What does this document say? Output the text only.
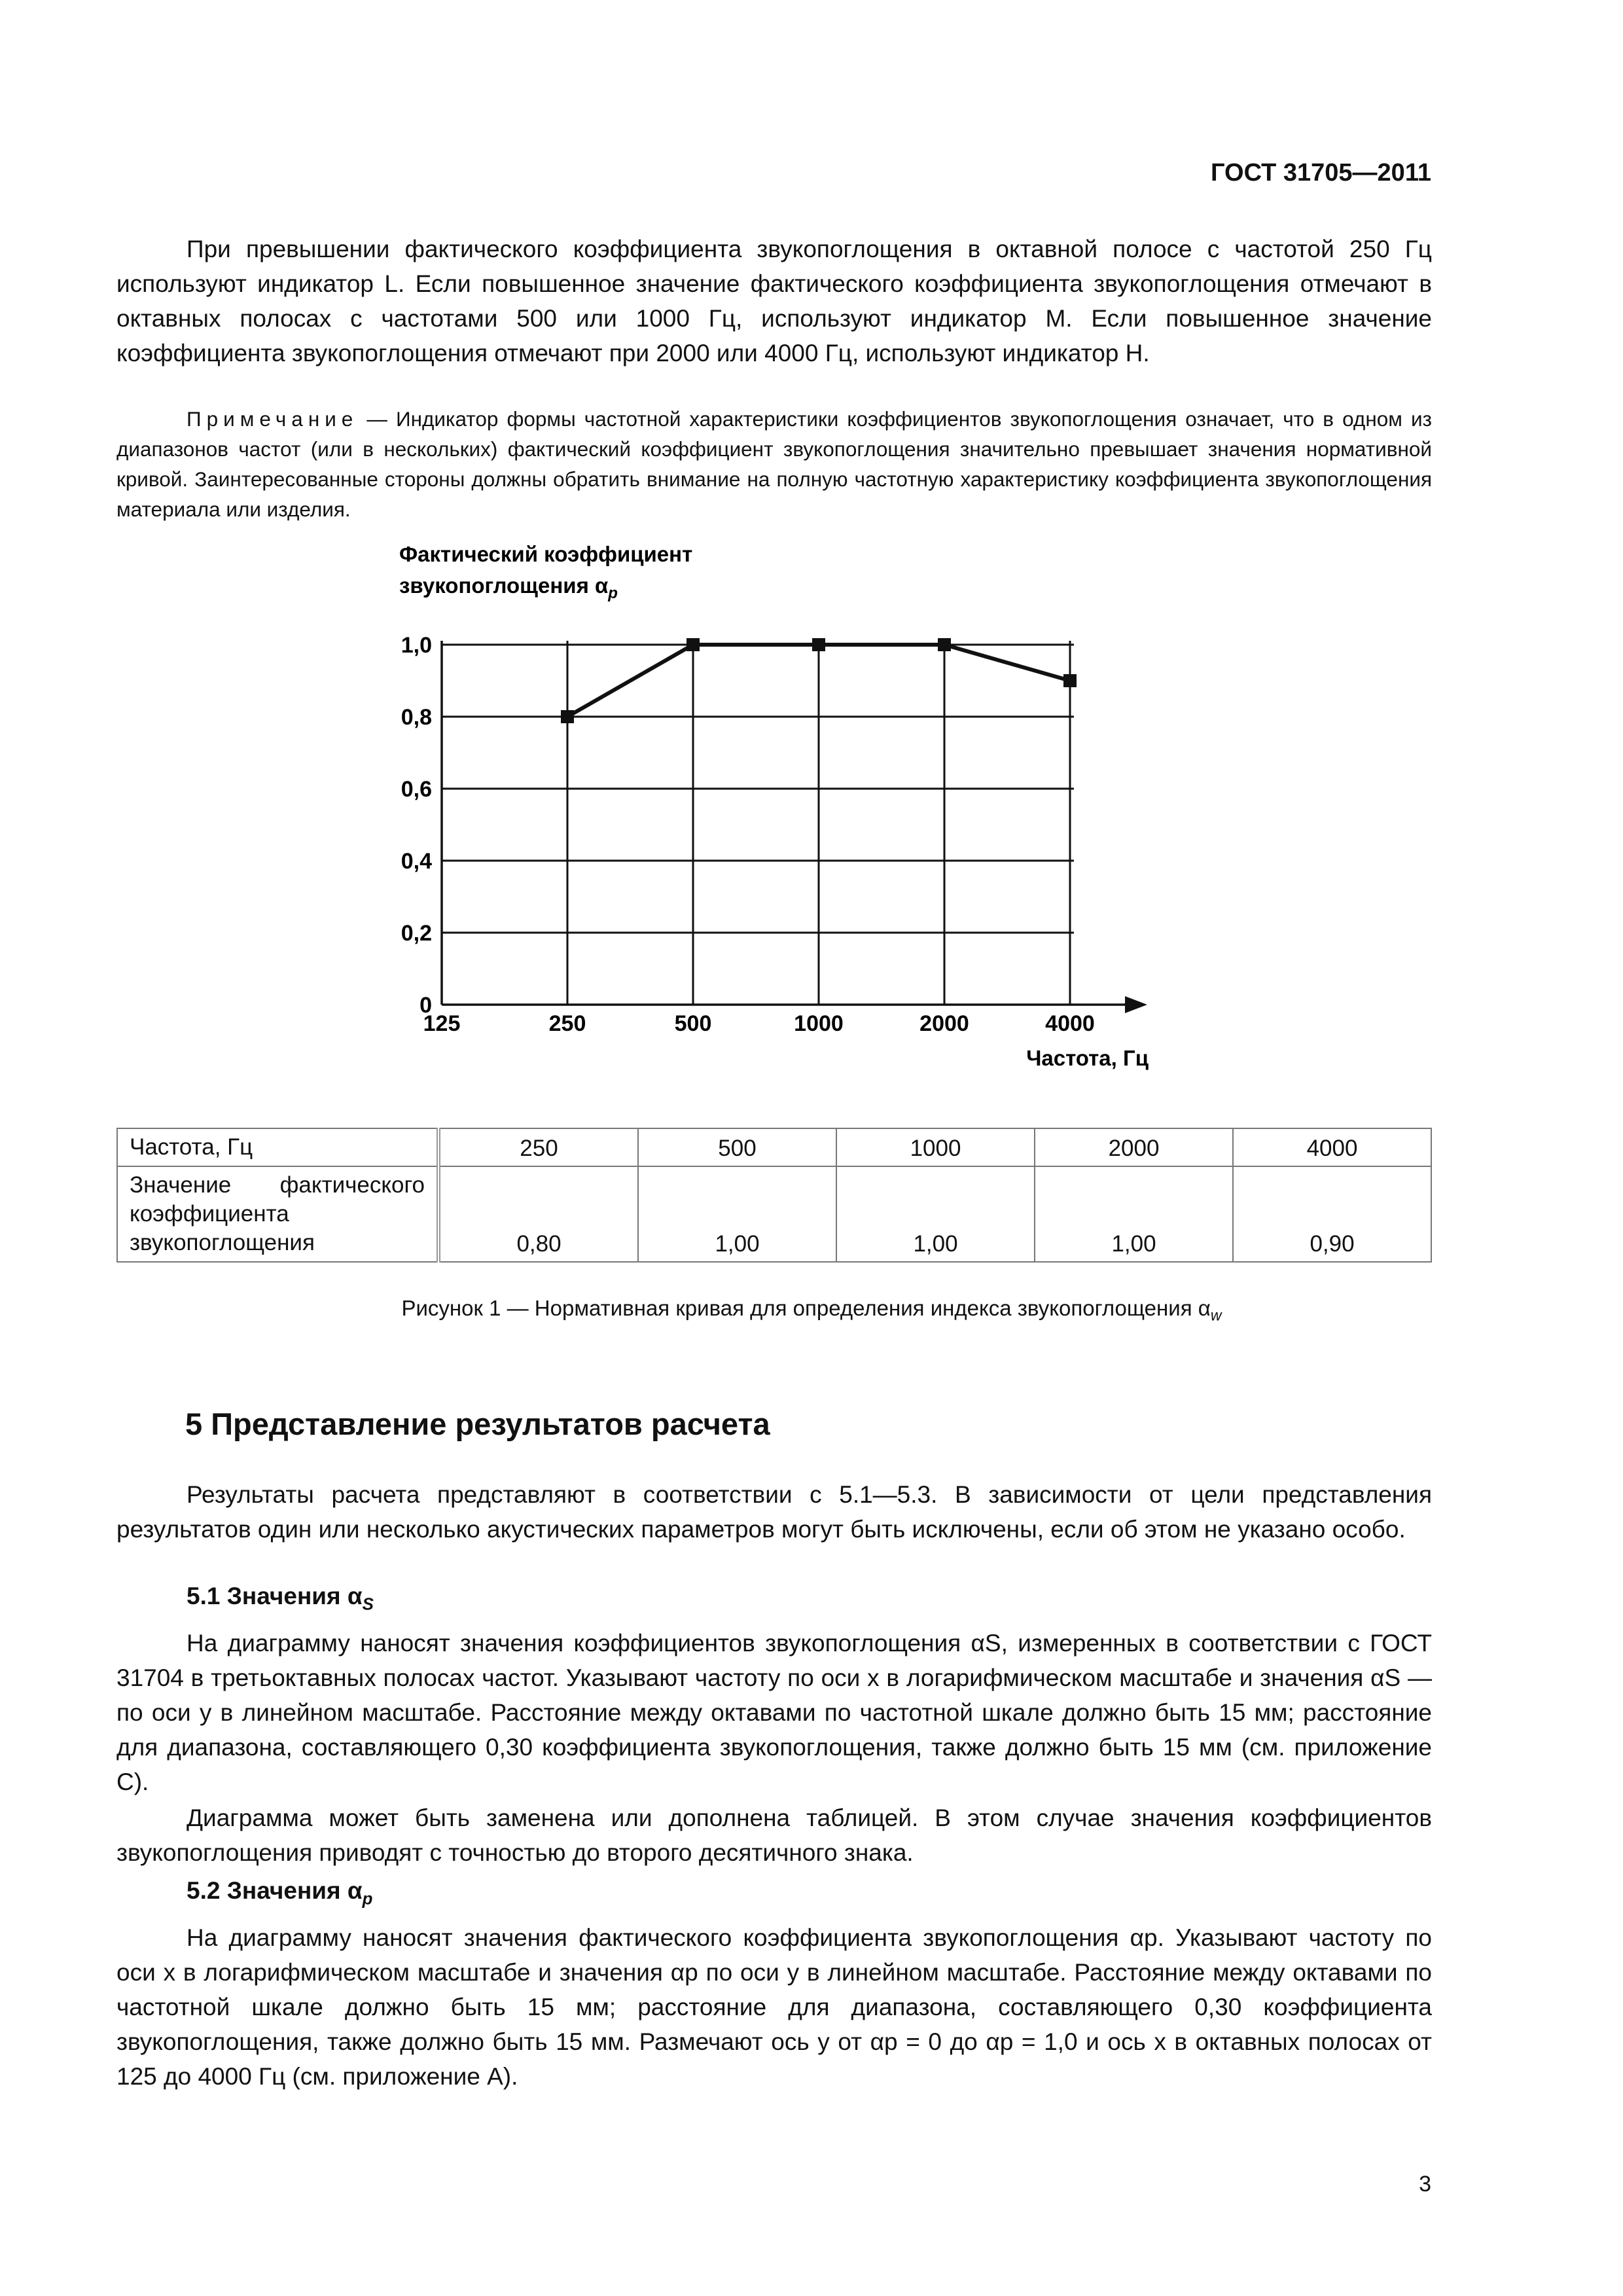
ГОСТ 31705—2011

При превышении фактического коэффициента звукопоглощения в октавной полосе с частотой 250 Гц используют индикатор L. Если повышенное значение фактического коэффициента звукопоглощения отмечают в октавных полосах с частотами 500 или 1000 Гц, используют индикатор M. Если повышенное значение коэффициента звукопоглощения отмечают при 2000 или 4000 Гц, используют индикатор H.

Примечание — Индикатор формы частотной характеристики коэффициентов звукопоглощения означает, что в одном из диапазонов частот (или в нескольких) фактический коэффициент звукопоглощения значительно превышает значения нормативной кривой. Заинтересованные стороны должны обратить внимание на полную частотную характеристику коэффициента звукопоглощения материала или изделия.

Фактический коэффициент
звукопоглощения $\alpha_p$
0
0,2
0,4
0,6
0,8
1,0
125	250	500	1000	2000	4000
Частота, Гц
Частота, Гц	250	500	1000	2000	4000
Значение фактического коэффициента звукопоглощения	0,80	1,00	1,00	1,00	0,90
Рисунок 1 — Нормативная кривая для определения индекса звукопоглощения $\alpha_w$
5 Представление результатов расчета

Результаты расчета представляют в соответствии с 5.1—5.3. В зависимости от цели представления результатов один или несколько акустических параметров могут быть исключены, если об этом не указано особо.

5.1 Значения $\alpha_S$

На диаграмму наносят значения коэффициентов звукопоглощения αS, измеренных в соответствии с ГОСТ 31704 в третьоктавных полосах частот. Указывают частоту по оси x в логарифмическом масштабе и значения αS — по оси y в линейном масштабе. Расстояние между октавами по частотной шкале должно быть 15 мм; расстояние для диапазона, составляющего 0,30 коэффициента звукопоглощения, также должно быть 15 мм (см. приложение С).

Диаграмма может быть заменена или дополнена таблицей. В этом случае значения коэффициентов звукопоглощения приводят с точностью до второго десятичного знака.

5.2 Значения $\alpha_p$

На диаграмму наносят значения фактического коэффициента звукопоглощения αp. Указывают частоту по оси x в логарифмическом масштабе и значения αp по оси y в линейном масштабе. Расстояние между октавами по частотной шкале должно быть 15 мм; расстояние для диапазона, составляющего 0,30 коэффициента звукопоглощения, также должно быть 15 мм. Размечают ось y от αp = 0 до αp = 1,0 и ось x в октавных полосах от 125 до 4000 Гц (см. приложение А).

3
